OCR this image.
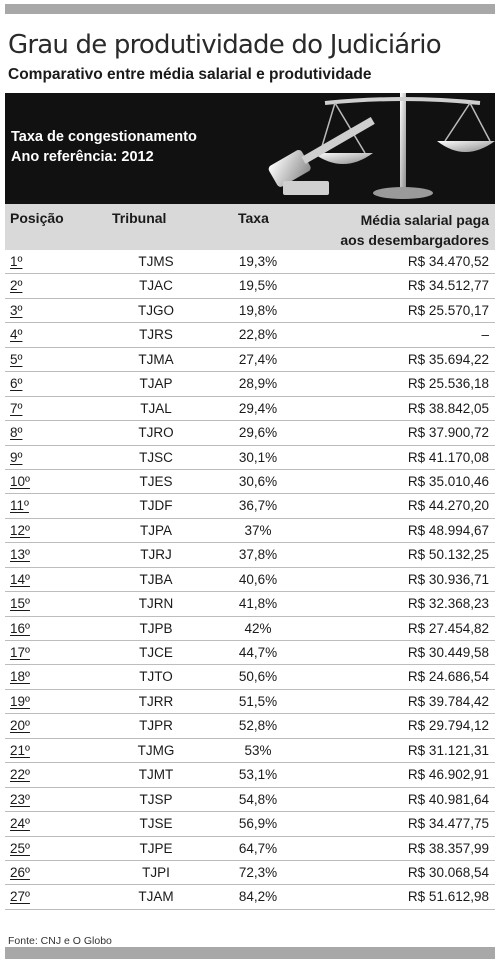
Grau de produtividade do Judiciário
Comparativo entre média salarial e produtividade
Taxa de congestionamento
Ano referência: 2012
Posição	Tribunal	Taxa	Média salarial paga
aos desembargadores
1º	TJMS	19,3%	R$ 34.470,52
2º	TJAC	19,5%	R$ 34.512,77
3º	TJGO	19,8%	R$ 25.570,17
4º	TJRS	22,8%	–
5º	TJMA	27,4%	R$ 35.694,22
6º	TJAP	28,9%	R$ 25.536,18
7º	TJAL	29,4%	R$ 38.842,05
8º	TJRO	29,6%	R$ 37.900,72
9º	TJSC	30,1%	R$ 41.170,08
10º	TJES	30,6%	R$ 35.010,46
11º	TJDF	36,7%	R$ 44.270,20
12º	TJPA	37%	R$ 48.994,67
13º	TJRJ	37,8%	R$ 50.132,25
14º	TJBA	40,6%	R$ 30.936,71
15º	TJRN	41,8%	R$ 32.368,23
16º	TJPB	42%	R$ 27.454,82
17º	TJCE	44,7%	R$ 30.449,58
18º	TJTO	50,6%	R$ 24.686,54
19º	TJRR	51,5%	R$ 39.784,42
20º	TJPR	52,8%	R$ 29.794,12
21º	TJMG	53%	R$ 31.121,31
22º	TJMT	53,1%	R$ 46.902,91
23º	TJSP	54,8%	R$ 40.981,64
24º	TJSE	56,9%	R$ 34.477,75
25º	TJPE	64,7%	R$ 38.357,99
26º	TJPI	72,3%	R$ 30.068,54
27º	TJAM	84,2%	R$ 51.612,98
Fonte: CNJ e O Globo
